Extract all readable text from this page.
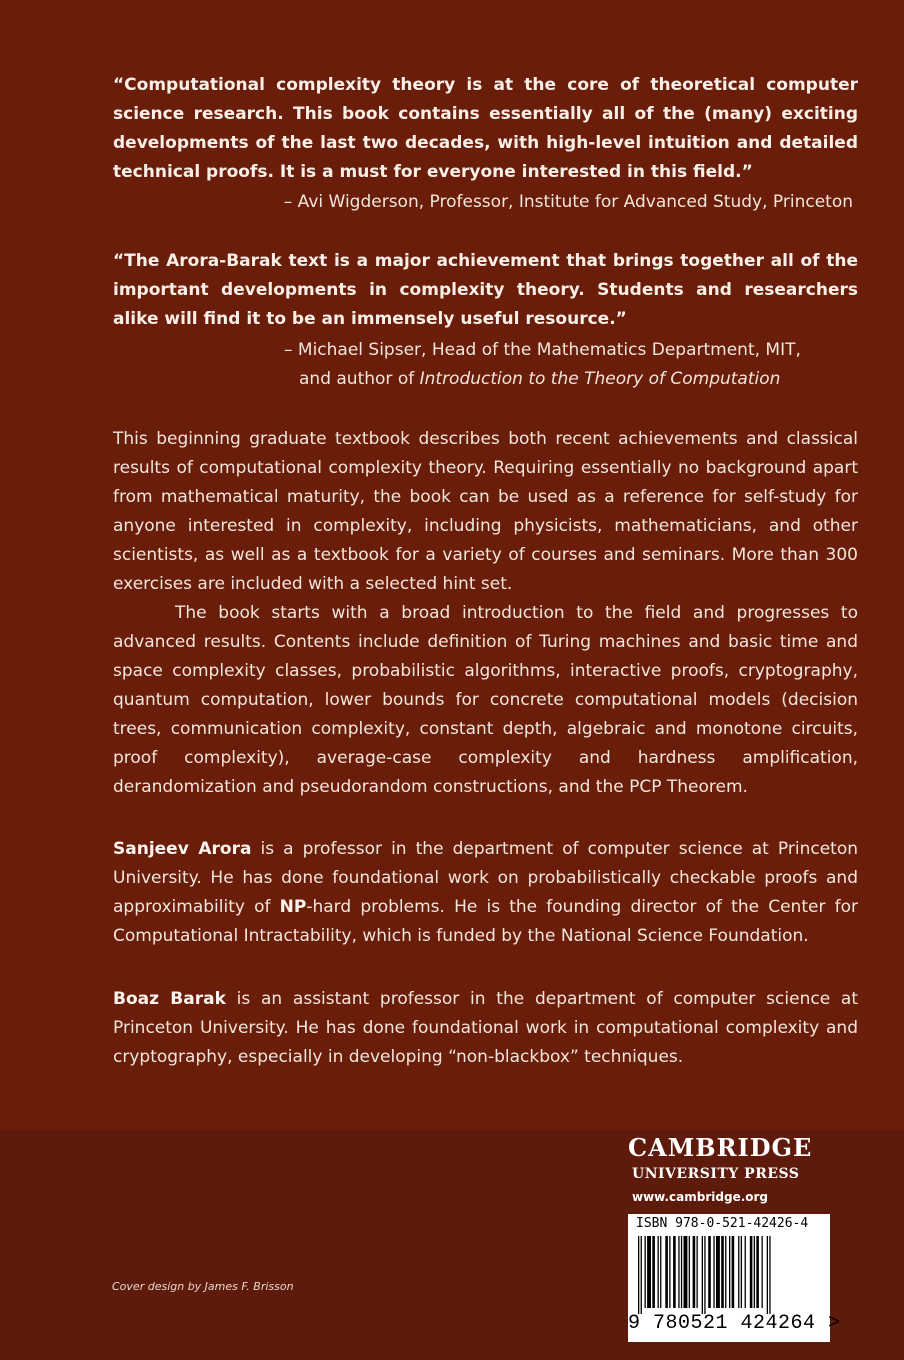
“Computational complexity theory is at the core of theoretical computer science research. This book contains essentially all of the (many) exciting developments of the last two decades, with high-level intuition and detailed technical proofs. It is a must for everyone interested in this field.”
– Avi Wigderson, Professor, Institute for Advanced Study, Princeton
“The Arora-Barak text is a major achievement that brings together all of the important developments in complexity theory. Students and researchers alike will find it to be an immensely useful resource.”
– Michael Sipser, Head of the Mathematics Department, MIT,
and author of Introduction to the Theory of Computation

This beginning graduate textbook describes both recent achievements and classical results of computational complexity theory. Requiring essentially no background apart from mathematical maturity, the book can be used as a reference for self-study for anyone interested in complexity, including physicists, mathematicians, and other scientists, as well as a textbook for a variety of courses and seminars. More than 300 exercises are included with a selected hint set.

The book starts with a broad introduction to the field and progresses to advanced results. Contents include definition of Turing machines and basic time and space complexity classes, probabilistic algorithms, interactive proofs, cryptography, quantum computation, lower bounds for concrete computational models (decision trees, communication complexity, constant depth, algebraic and monotone circuits, proof complexity), average-case complexity and hardness amplification, derandomization and pseudorandom constructions, and the PCP Theorem.

Sanjeev Arora is a professor in the department of computer science at Princeton University. He has done foundational work on probabilistically checkable proofs and approximability of NP-hard problems. He is the founding director of the Center for Computational Intractability, which is funded by the National Science Foundation.

Boaz Barak is an assistant professor in the department of computer science at Princeton University. He has done foundational work in computational complexity and cryptography, especially in developing “non-blackbox” techniques.

CAMBRIDGE
UNIVERSITY PRESS
www.cambridge.org
ISBN 978-0-521-42426-4
9 780521 424264 >
Cover design by James F. Brisson
